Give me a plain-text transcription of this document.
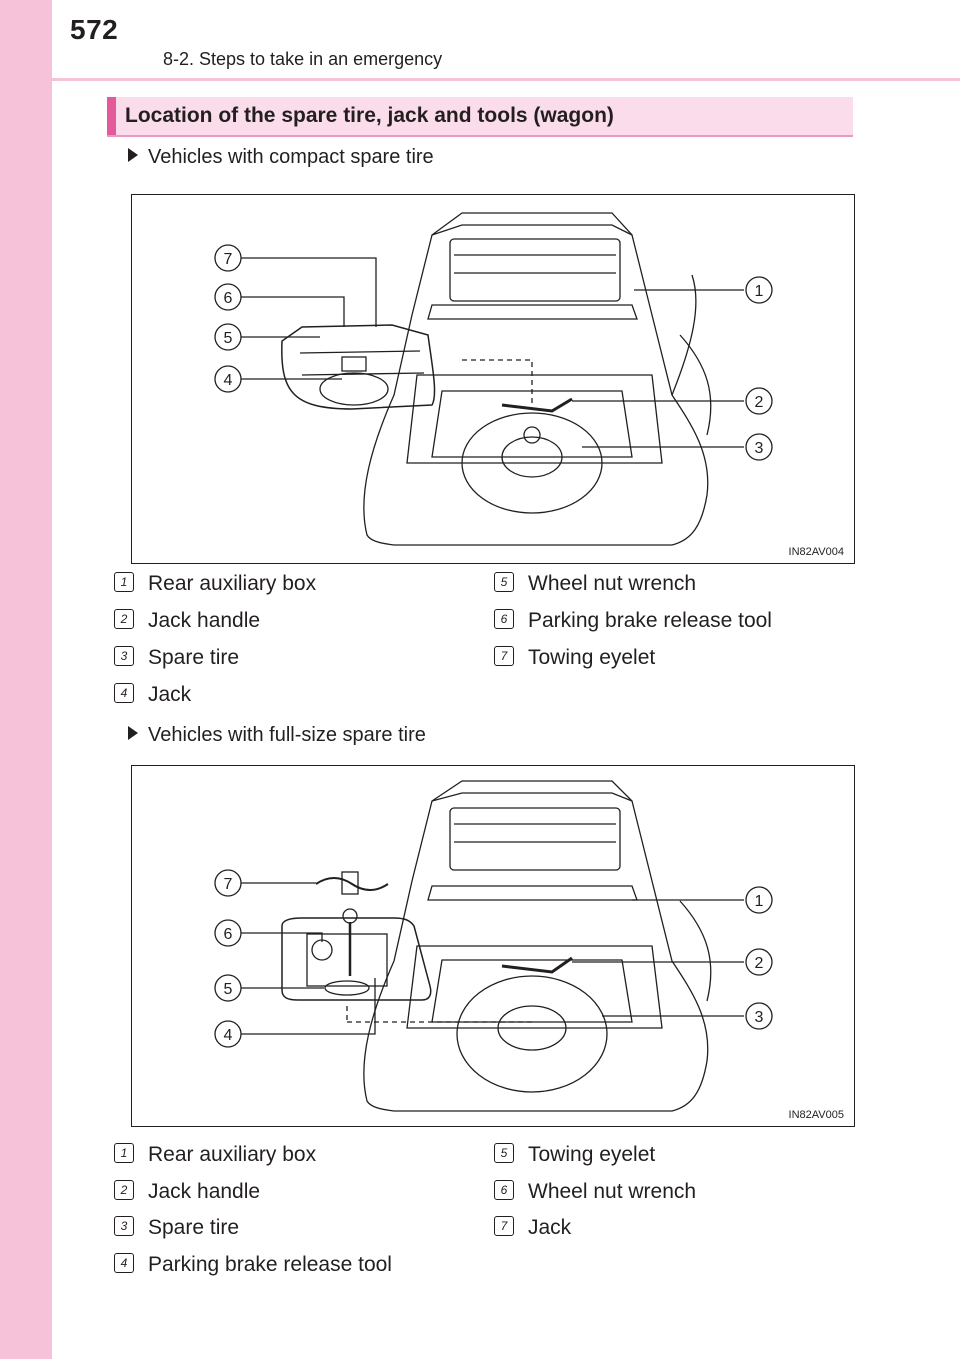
572
8-2. Steps to take in an emergency
Location of the spare tire, jack and tools (wagon)
Vehicles with compact spare tire
7
6
5
4
1
2
3
IN82AV004
1 Rear auxiliary box
2 Jack handle
3 Spare tire
4 Jack
5 Wheel nut wrench
6 Parking brake release tool
7 Towing eyelet
Vehicles with full-size spare tire
7
6
5
4
1
2
3
IN82AV005
1 Rear auxiliary box
2 Jack handle
3 Spare tire
4 Parking brake release tool
5 Towing eyelet
6 Wheel nut wrench
7 Jack
